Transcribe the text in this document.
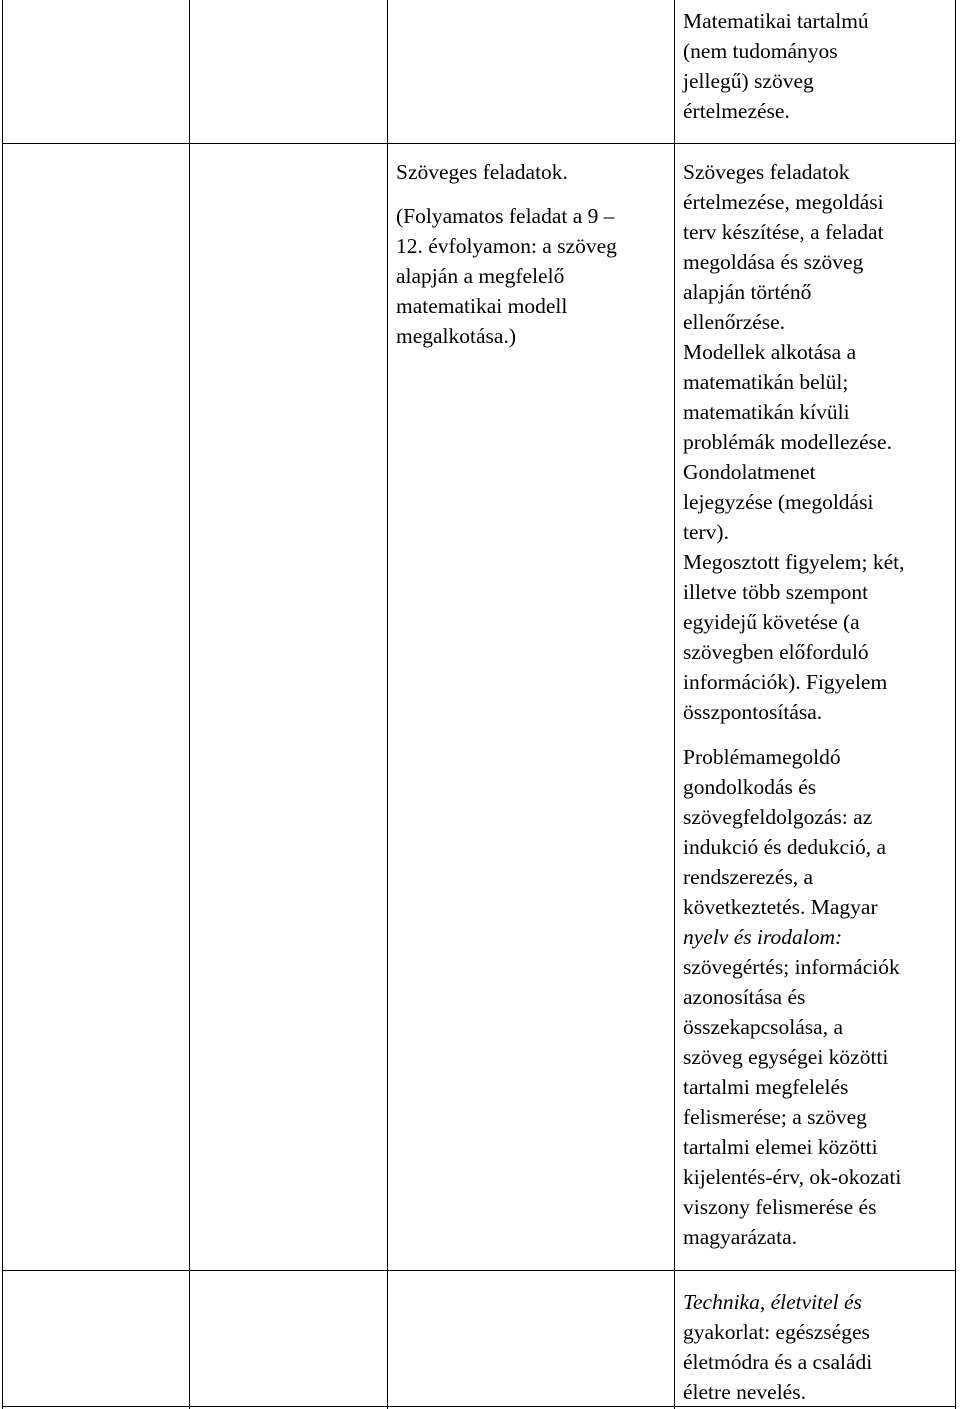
Matematikai tartalmú

(nem tudományos

jellegű) szöveg

értelmezése.

Szöveges feladatok.

(Folyamatos feladat a 9 –

12. évfolyamon: a szöveg

alapján a megfelelő

matematikai modell

megalkotása.)

Szöveges feladatok

értelmezése, megoldási

terv készítése, a feladat

megoldása és szöveg

alapján történő

ellenőrzése.

Modellek alkotása a

matematikán belül;

matematikán kívüli

problémák modellezése.

Gondolatmenet

lejegyzése (megoldási

terv).

Megosztott figyelem; két,

illetve több szempont

egyidejű követése (a

szövegben előforduló

információk). Figyelem

összpontosítása.

Problémamegoldó

gondolkodás és

szövegfeldolgozás: az

indukció és dedukció, a

rendszerezés, a

következtetés. Magyar

nyelv és irodalom:

szövegértés; információk

azonosítása és

összekapcsolása, a

szöveg egységei közötti

tartalmi megfelelés

felismerése; a szöveg

tartalmi elemei közötti

kijelentés-érv, ok-okozati

viszony felismerése és

magyarázata.

Technika, életvitel és

gyakorlat: egészséges

életmódra és a családi

életre nevelés.
